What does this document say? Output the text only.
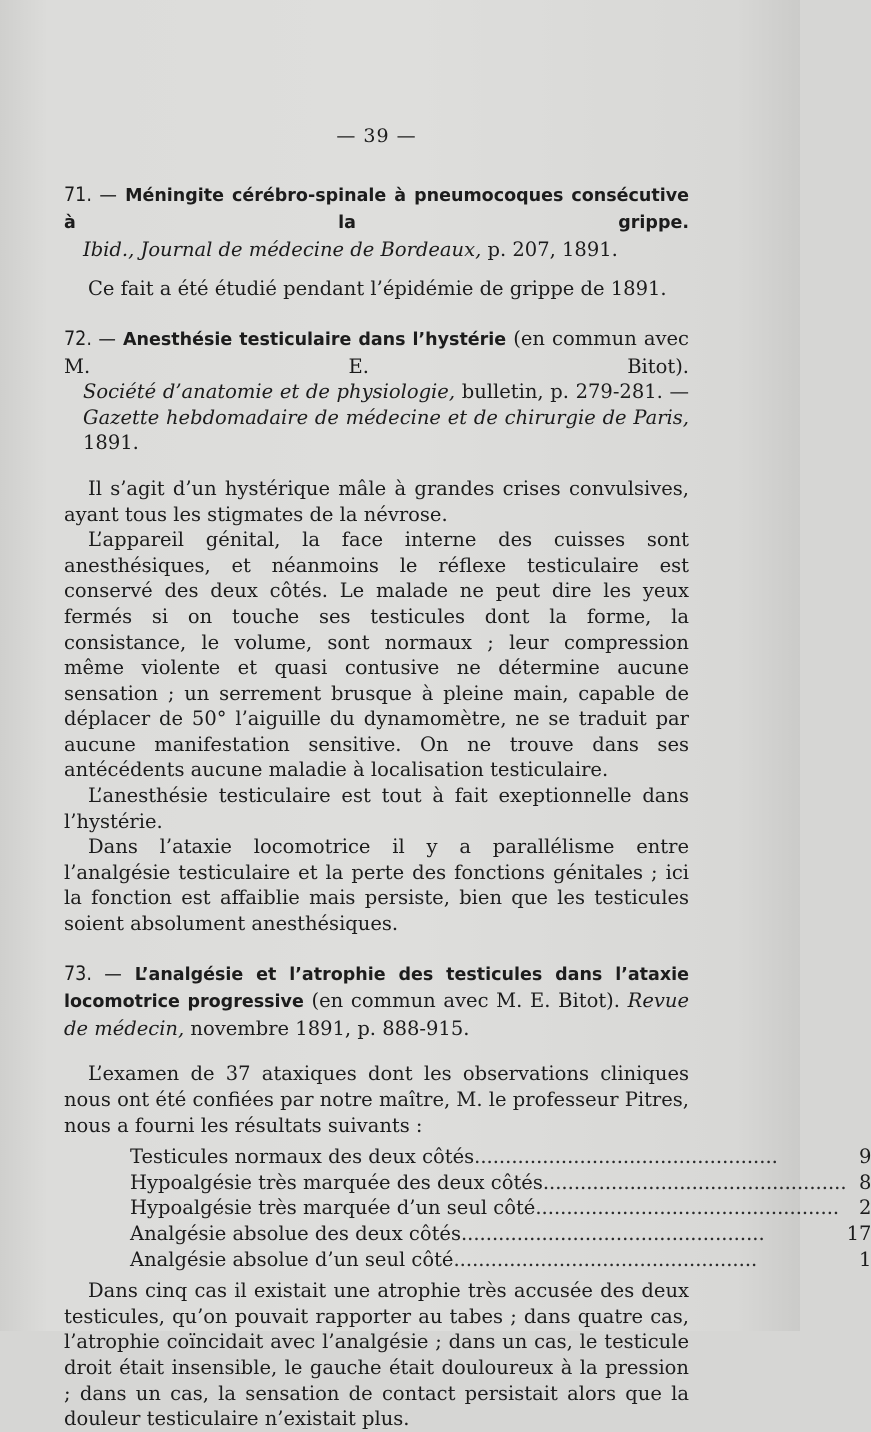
— 39 —
71. — Méningite cérébro-spinale à pneumocoques consécutive à la grippe.
Ibid., Journal de médecine de Bordeaux, p. 207, 1891.

Ce fait a été étudié pendant l’épidémie de grippe de 1891.

72. — Anesthésie testiculaire dans l’hystérie (en commun avec M. E. Bitot).
Société d’anatomie et de physiologie, bulletin, p. 279-281. — Gazette hebdomadaire de médecine et de chirurgie de Paris, 1891.

Il s’agit d’un hystérique mâle à grandes crises convulsives, ayant tous les stigmates de la névrose.

L’appareil génital, la face interne des cuisses sont anesthésiques, et néanmoins le réflexe testiculaire est conservé des deux côtés. Le malade ne peut dire les yeux fermés si on touche ses testicules dont la forme, la consistance, le volume, sont normaux ; leur compression même violente et quasi contusive ne détermine aucune sensation ; un serrement brusque à pleine main, capable de déplacer de 50° l’aiguille du dynamomètre, ne se traduit par aucune manifestation sensitive. On ne trouve dans ses antécédents aucune maladie à localisation testiculaire.

L’anesthésie testiculaire est tout à fait exeptionnelle dans l’hystérie.

Dans l’ataxie locomotrice il y a parallélisme entre l’analgésie testiculaire et la perte des fonctions génitales ; ici la fonction est affaiblie mais persiste, bien que les testicules soient absolument anesthésiques.

73. — L’analgésie et l’atrophie des testicules dans l’ataxie locomotrice progressive (en commun avec M. E. Bitot). Revue de médecin, novembre 1891, p. 888-915.

L’examen de 37 ataxiques dont les observations cliniques nous ont été confiées par notre maître, M. le professeur Pitres, nous a fourni les résultats suivants :

Testicules normaux des deux côtés.................................................	9
Hypoalgésie très marquée des deux côtés.................................................	8
Hypoalgésie très marquée d’un seul côté.................................................	2
Analgésie absolue des deux côtés.................................................	17
Analgésie absolue d’un seul côté.................................................	1

Dans cinq cas il existait une atrophie très accusée des deux testicules, qu’on pouvait rapporter au tabes ; dans quatre cas, l’atrophie coïncidait avec l’analgésie ; dans un cas, le testicule droit était insensible, le gauche était douloureux à la pression ; dans un cas, la sensation de contact persistait alors que la douleur testiculaire n’existait plus.
